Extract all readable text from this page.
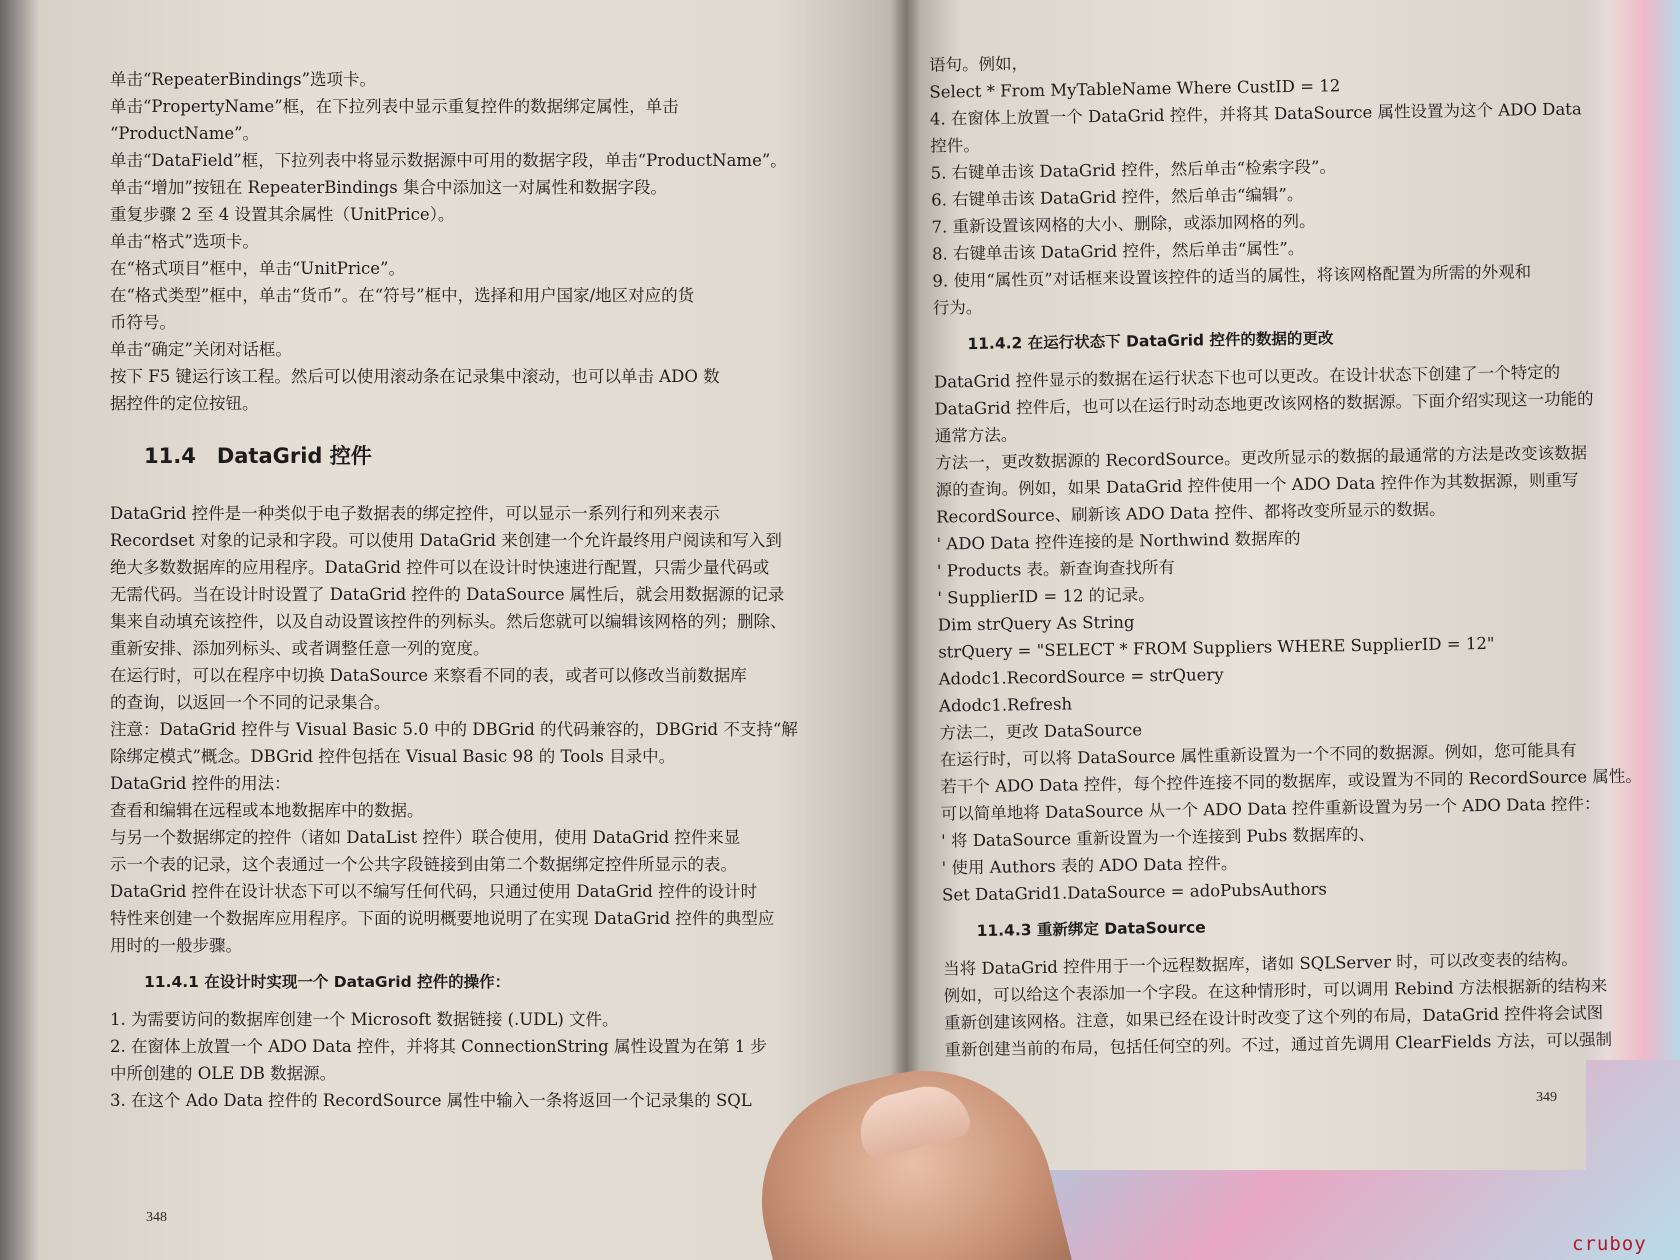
单击“RepeaterBindings”选项卡。
单击“PropertyName”框，在下拉列表中显示重复控件的数据绑定属性，单击
“ProductName”。
单击“DataField”框，下拉列表中将显示数据源中可用的数据字段，单击“ProductName”。
单击“增加”按钮在 RepeaterBindings 集合中添加这一对属性和数据字段。
重复步骤 2 至 4 设置其余属性（UnitPrice）。
单击“格式”选项卡。
在“格式项目”框中，单击“UnitPrice”。
在“格式类型”框中，单击“货币”。在“符号”框中，选择和用户国家/地区对应的货
币符号。
单击“确定”关闭对话框。
按下 F5 键运行该工程。然后可以使用滚动条在记录集中滚动，也可以单击 ADO 数
据控件的定位按钮。
11.4　DataGrid 控件
DataGrid 控件是一种类似于电子数据表的绑定控件，可以显示一系列行和列来表示
Recordset 对象的记录和字段。可以使用 DataGrid 来创建一个允许最终用户阅读和写入到
绝大多数数据库的应用程序。DataGrid 控件可以在设计时快速进行配置，只需少量代码或
无需代码。当在设计时设置了 DataGrid 控件的 DataSource 属性后，就会用数据源的记录
集来自动填充该控件，以及自动设置该控件的列标头。然后您就可以编辑该网格的列；删除、
重新安排、添加列标头、或者调整任意一列的宽度。
在运行时，可以在程序中切换 DataSource 来察看不同的表，或者可以修改当前数据库
的查询，以返回一个不同的记录集合。
注意：DataGrid 控件与 Visual Basic 5.0 中的 DBGrid 的代码兼容的，DBGrid 不支持“解
除绑定模式”概念。DBGrid 控件包括在 Visual Basic 98 的 Tools 目录中。
DataGrid 控件的用法：
查看和编辑在远程或本地数据库中的数据。
与另一个数据绑定的控件（诸如 DataList 控件）联合使用，使用 DataGrid 控件来显
示一个表的记录，这个表通过一个公共字段链接到由第二个数据绑定控件所显示的表。
DataGrid 控件在设计状态下可以不编写任何代码，只通过使用 DataGrid 控件的设计时
特性来创建一个数据库应用程序。下面的说明概要地说明了在实现 DataGrid 控件的典型应
用时的一般步骤。
11.4.1 在设计时实现一个 DataGrid 控件的操作：
1. 为需要访问的数据库创建一个 Microsoft 数据链接 (.UDL) 文件。
2. 在窗体上放置一个 ADO Data 控件，并将其 ConnectionString 属性设置为在第 1 步
中所创建的 OLE DB 数据源。
3. 在这个 Ado Data 控件的 RecordSource 属性中输入一条将返回一个记录集的 SQL
348
语句。例如，
Select * From MyTableName Where CustID = 12
4. 在窗体上放置一个 DataGrid 控件，并将其 DataSource 属性设置为这个 ADO Data
控件。
5. 右键单击该 DataGrid 控件，然后单击“检索字段”。
6. 右键单击该 DataGrid 控件，然后单击“编辑”。
7. 重新设置该网格的大小、删除，或添加网格的列。
8. 右键单击该 DataGrid 控件，然后单击“属性”。
9. 使用“属性页”对话框来设置该控件的适当的属性，将该网格配置为所需的外观和
行为。
11.4.2 在运行状态下 DataGrid 控件的数据的更改
DataGrid 控件显示的数据在运行状态下也可以更改。在设计状态下创建了一个特定的
DataGrid 控件后，也可以在运行时动态地更改该网格的数据源。下面介绍实现这一功能的
通常方法。
方法一，更改数据源的 RecordSource。更改所显示的数据的最通常的方法是改变该数据
源的查询。例如，如果 DataGrid 控件使用一个 ADO Data 控件作为其数据源，则重写
RecordSource、刷新该 ADO Data 控件、都将改变所显示的数据。
' ADO Data 控件连接的是 Northwind 数据库的
' Products 表。新查询查找所有
' SupplierID = 12 的记录。
Dim strQuery As String
strQuery = "SELECT * FROM Suppliers WHERE SupplierID = 12"
Adodc1.RecordSource = strQuery
Adodc1.Refresh
方法二，更改 DataSource
在运行时，可以将 DataSource 属性重新设置为一个不同的数据源。例如，您可能具有
若干个 ADO Data 控件，每个控件连接不同的数据库，或设置为不同的 RecordSource 属性。
可以简单地将 DataSource 从一个 ADO Data 控件重新设置为另一个 ADO Data 控件：
' 将 DataSource 重新设置为一个连接到 Pubs 数据库的、
' 使用 Authors 表的 ADO Data 控件。
Set DataGrid1.DataSource = adoPubsAuthors
11.4.3 重新绑定 DataSource
当将 DataGrid 控件用于一个远程数据库，诸如 SQLServer 时，可以改变表的结构。
例如，可以给这个表添加一个字段。在这种情形时，可以调用 Rebind 方法根据新的结构来
重新创建该网格。注意，如果已经在设计时改变了这个列的布局，DataGrid 控件将会试图
重新创建当前的布局，包括任何空的列。不过，通过首先调用 ClearFields 方法，可以强制
349
cruboy
